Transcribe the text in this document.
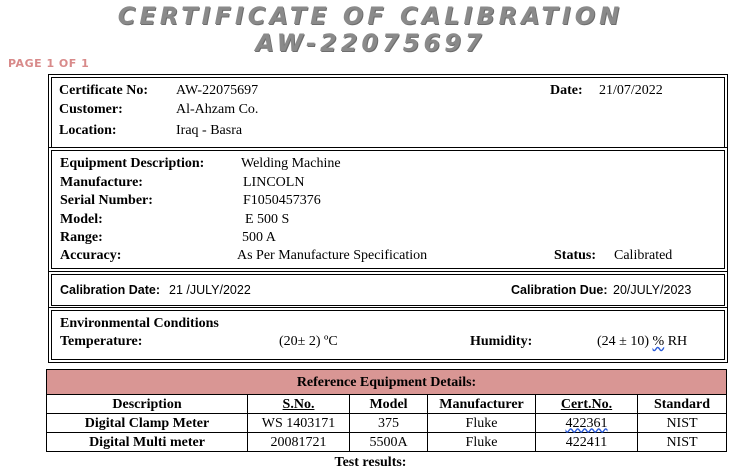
CERTIFICATE OF CALIBRATION
AW-22075697
PAGE 1 OF 1
Certificate No: AW-22075697	Date: 21/07/2022
Customer:	Al-Ahzam Co.
Location:	Iraq - Basra
Equipment Description:	Welding Machine
Manufacture:	LINCOLN
Serial Number:	F1050457376
Model:	E 500 S
Range:	500 A
Accuracy:	As Per Manufacture Specification	Status: Calibrated
Calibration Date: 21 /JULY/2022	Calibration Due: 20/JULY/2023
Environmental Conditions
Temperature:	(20± 2) ºC	Humidity:	(24 ± 10) % RH
Reference Equipment Details:					
Description	S.No.	Model	Manufacturer	Cert.No.	Standard
Digital Clamp Meter	WS 1403171	375	Fluke	422361	NIST
Digital Multi meter	20081721	5500A	Fluke	422411	NIST
Test results:
